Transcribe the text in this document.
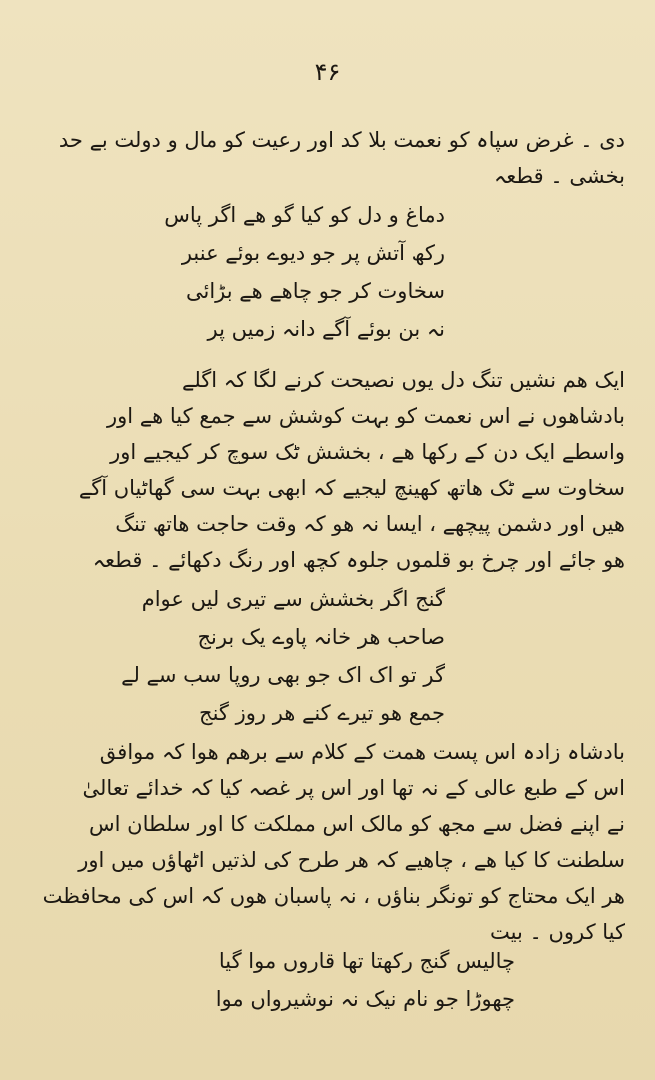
۴۶
دی ۔ غرض سپاہ کو نعمت بلا کد اور رعیت کو مال و دولت بے حد
بخشی ۔ قطعہ
دماغ و دل کو کیا گو ھے اگر پاس
رکھ آتش پر جو دیوے بوئے عنبر
سخاوت کر جو چاھے ھے بڑائی
نہ بن بوئے آگے دانہ زمیں پر
ایک ھم نشیں تنگ دل یوں نصیحت کرنے لگا کہ اگلے
بادشاھوں نے اس نعمت کو بہت کوشش سے جمع کیا ھے اور
واسطے ایک دن کے رکھا ھے ، بخشش ٹک سوچ کر کیجیے اور
سخاوت سے ٹک ھاتھ کھینچ لیجیے کہ ابھی بہت سی گھاٹیاں آگے
ھیں اور دشمن پیچھے ، ایسا نہ ھو کہ وقت حاجت ھاتھ تنگ
ھو جائے اور چرخ بو قلموں جلوہ کچھ اور رنگ دکھائے ۔ قطعہ
گنج اگر بخشش سے تیری لیں عوام
صاحب ھر خانہ پاوے یک برنج
گر تو اک اک جو بھی روپا سب سے لے
جمع ھو تیرے کنے ھر روز گنج
بادشاہ زادہ اس پست ھمت کے کلام سے برھم ھوا کہ موافق
اس کے طبع عالی کے نہ تھا اور اس پر غصہ کیا کہ خدائے تعالیٰ
نے اپنے فضل سے مجھ کو مالک اس مملکت کا اور سلطان اس
سلطنت کا کیا ھے ، چاھیے کہ ھر طرح کی لذتیں اٹھاؤں میں اور
ھر ایک محتاج کو تونگر بناؤں ، نہ پاسبان ھوں کہ اس کی محافظت
کیا کروں ۔ بیت
چالیس گنج رکھتا تھا قاروں موا گیا
چھوڑا جو نام نیک نہ نوشیرواں موا
